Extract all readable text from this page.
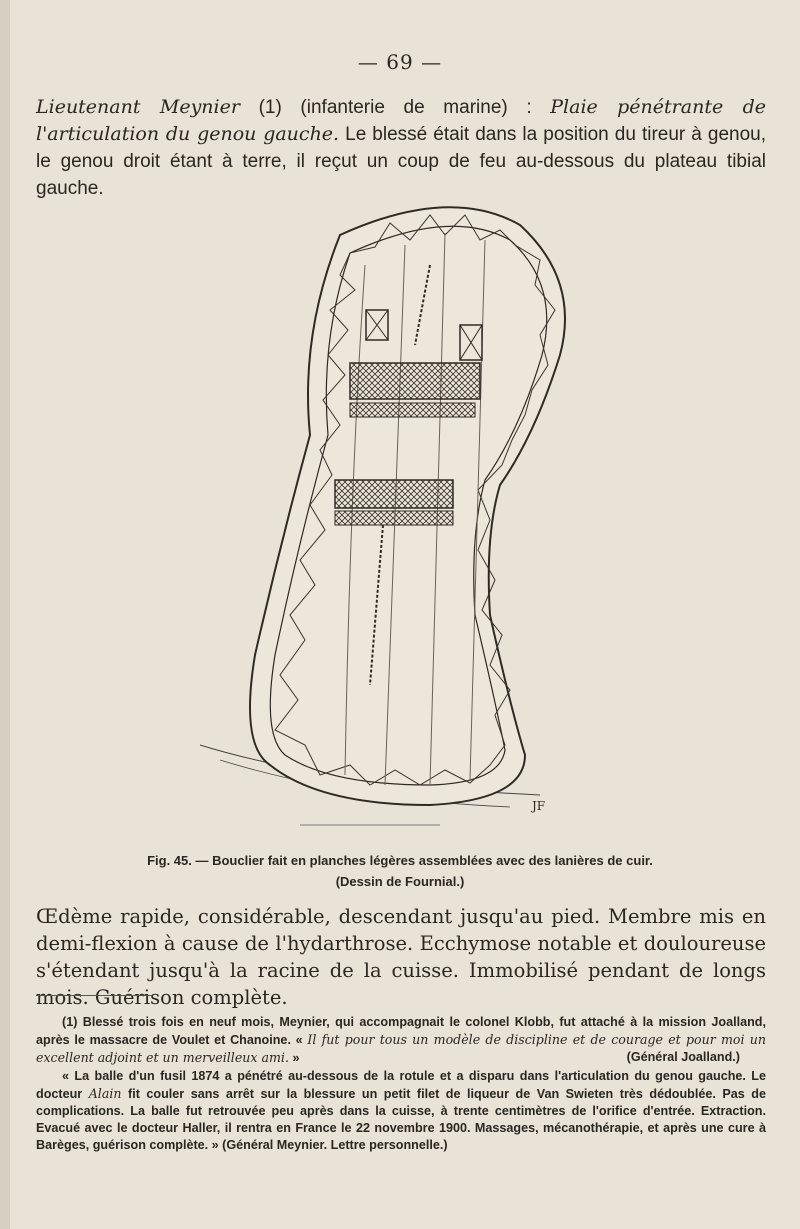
— 69 —
Lieutenant Meynier (1) (infanterie de marine) : Plaie pénétrante de l'articulation du genou gauche. Le blessé était dans la position du tireur à genou, le genou droit étant à terre, il reçut un coup de feu au-dessous du plateau tibial gauche.
JF
Fig. 45. — Bouclier fait en planches légères assemblées avec des lanières de cuir.
(Dessin de Fournial.)
Œdème rapide, considérable, descendant jusqu'au pied. Membre mis en demi-flexion à cause de l'hydarthrose. Ecchymose notable et douloureuse s'étendant jusqu'à la racine de la cuisse. Immobilisé pendant de longs mois. Guérison complète.

(1) Blessé trois fois en neuf mois, Meynier, qui accompagnait le colonel Klobb, fut attaché à la mission Joalland, après le massacre de Voulet et Chanoine. « Il fut pour tous un modèle de discipline et de courage et pour moi un excellent adjoint et un merveilleux ami. »	(Général Joalland.)

« La balle d'un fusil 1874 a pénétré au-dessous de la rotule et a disparu dans l'articulation du genou gauche. Le docteur Alain fit couler sans arrêt sur la blessure un petit filet de liqueur de Van Swieten très dédoublée. Pas de complications. La balle fut retrouvée peu après dans la cuisse, à trente centimètres de l'orifice d'entrée. Extraction. Evacué avec le docteur Haller, il rentra en France le 22 novembre 1900. Massages, mécanothérapie, et après une cure à Barèges, guérison complète. » (Général Meynier. Lettre personnelle.)
